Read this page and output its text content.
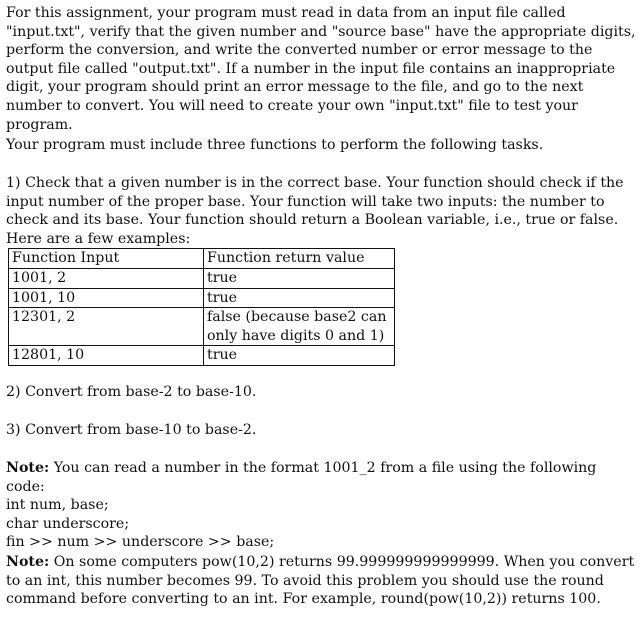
For this assignment, your program must read in data from an input file called "input.txt", verify that the given number and "source base" have the appropriate digits, perform the conversion, and write the converted number or error message to the output file called "output.txt". If a number in the input file contains an inappropriate digit, your program should print an error message to the file, and go to the next number to convert. You will need to create your own "input.txt" file to test your program.

Your program must include three functions to perform the following tasks.

1) Check that a given number is in the correct base. Your function should check if the input number of the proper base. Your function will take two inputs: the number to check and its base. Your function should return a Boolean variable, i.e., true or false. Here are a few examples:

Function Input	Function return value
1001, 2	true
1001, 10	true
12301, 2	false (because base2 can only have digits 0 and 1)
12801, 10	true

2) Convert from base-2 to base-10.

3) Convert from base-10 to base-2.

Note: You can read a number in the format 1001_2 from a file using the following code:

int num, base;

char underscore;

fin >> num >> underscore >> base;

Note: On some computers pow(10,2) returns 99.999999999999999. When you convert to an int, this number becomes 99. To avoid this problem you should use the round command before converting to an int. For example, round(pow(10,2)) returns 100.
